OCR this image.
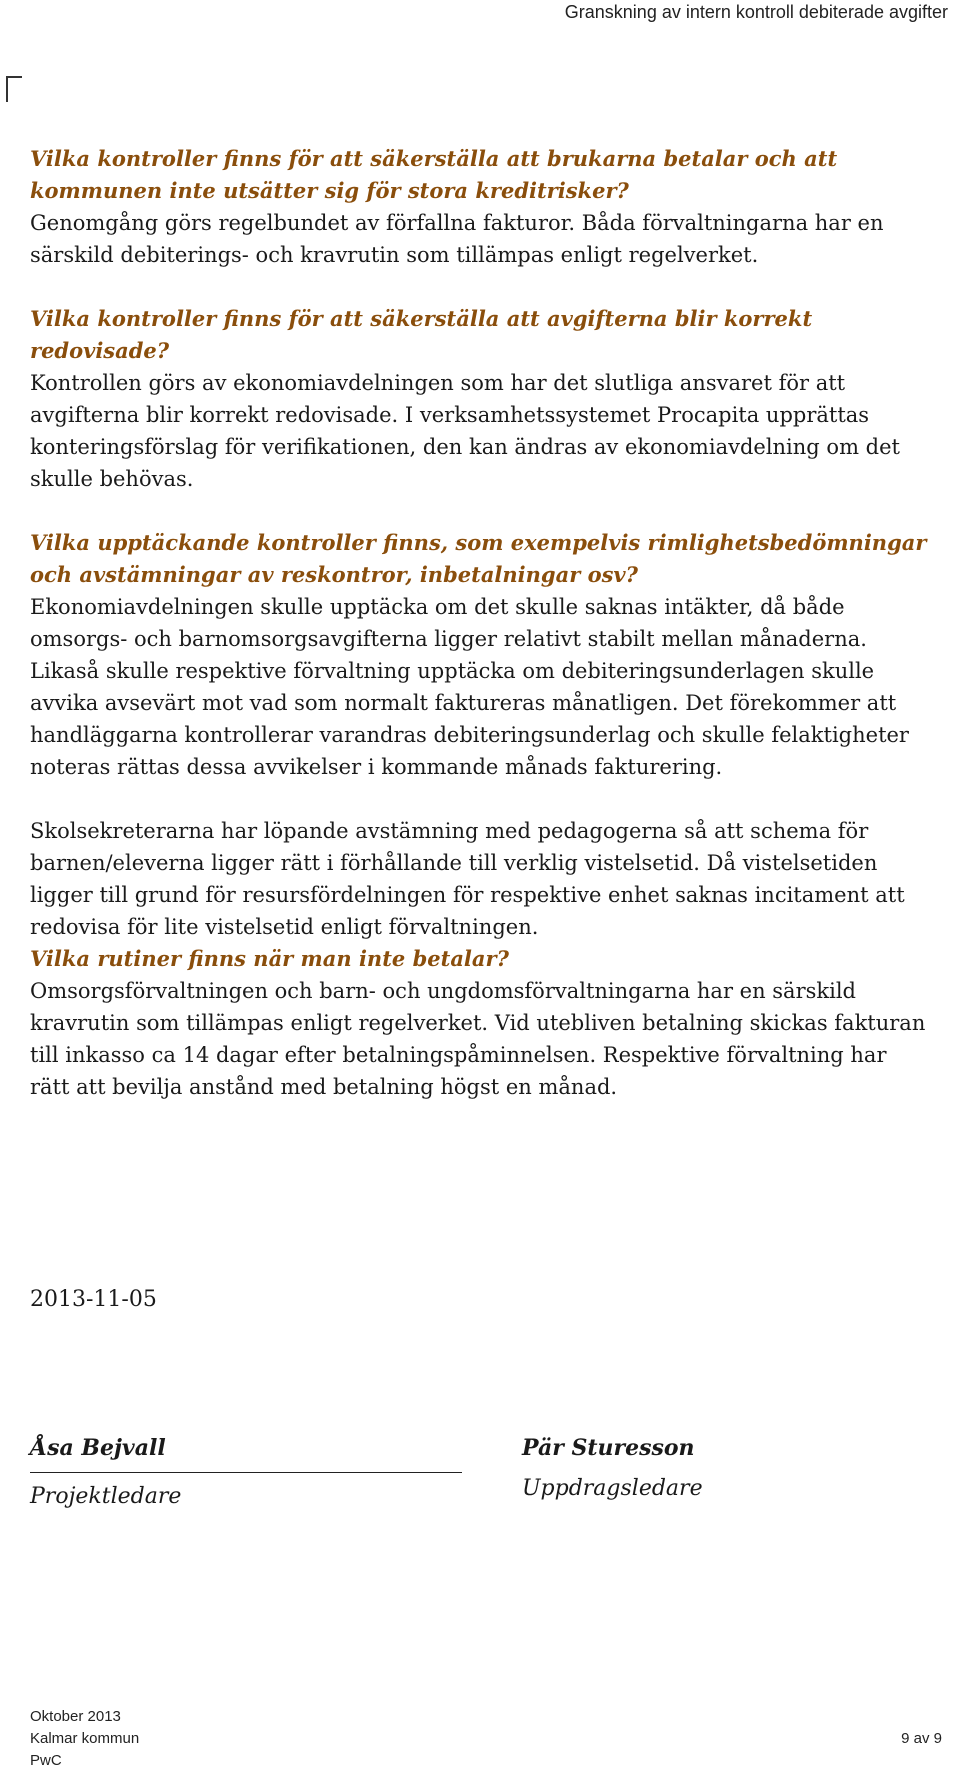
Granskning av intern kontroll debiterade avgifter

Vilka kontroller finns för att säkerställa att brukarna betalar och att kommunen inte utsätter sig för stora kreditrisker?

Genomgång görs regelbundet av förfallna fakturor. Båda förvaltningarna har en särskild debiterings- och kravrutin som tillämpas enligt regelverket.

Vilka kontroller finns för att säkerställa att avgifterna blir korrekt redovisade?

Kontrollen görs av ekonomiavdelningen som har det slutliga ansvaret för att avgifterna blir korrekt redovisade. I verksamhetssystemet Procapita upprättas konteringsförslag för verifikationen, den kan ändras av ekonomiavdelning om det skulle behövas.

Vilka upptäckande kontroller finns, som exempelvis rimlighetsbedömningar och avstämningar av reskontror, inbetalningar osv?

Ekonomiavdelningen skulle upptäcka om det skulle saknas intäkter, då både omsorgs- och barnomsorgsavgifterna ligger relativt stabilt mellan månaderna. Likaså skulle respektive förvaltning upptäcka om debiteringsunderlagen skulle avvika avsevärt mot vad som normalt faktureras månatligen. Det förekommer att handläggarna kontrollerar varandras debiteringsunderlag och skulle felaktigheter noteras rättas dessa avvikelser i kommande månads fakturering.

Skolsekreterarna har löpande avstämning med pedagogerna så att schema för barnen/eleverna ligger rätt i förhållande till verklig vistelsetid. Då vistelsetiden ligger till grund för resursfördelningen för respektive enhet saknas incitament att redovisa för lite vistelsetid enligt förvaltningen.

Vilka rutiner finns när man inte betalar?

Omsorgsförvaltningen och barn- och ungdomsförvaltningarna har en särskild kravrutin som tillämpas enligt regelverket. Vid utebliven betalning skickas fakturan till inkasso ca 14 dagar efter betalningspåminnelsen. Respektive förvaltning har rätt att bevilja anstånd med betalning högst en månad.

2013-11-05
Åsa Bejvall
Projektledare
Pär Sturesson
Uppdragsledare
Oktober 2013
Kalmar kommun
PwC
9 av 9
